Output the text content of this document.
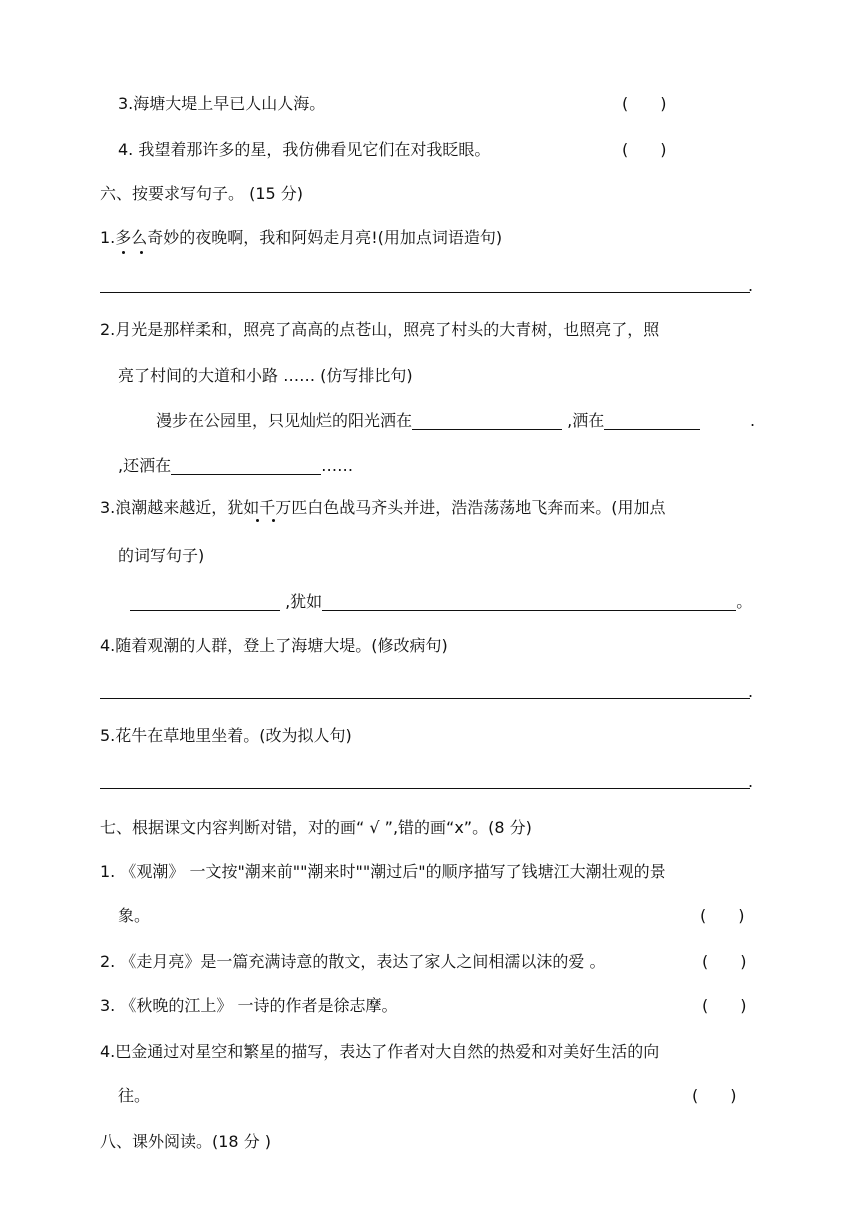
3.海塘大堤上早已人山人海。	(　　)
4. 我望着那许多的星，我仿佛看见它们在对我眨眼。	(　　)
六、按要求写句子。 (15 分)
1.多么奇妙的夜晚啊，我和阿妈走月亮!(用加点词语造句)
.
2.月光是那样柔和，照亮了高高的点苍山，照亮了村头的大青树，也照亮了，照
亮了村间的大道和小路 …… (仿写排比句)
漫步在公园里，只见灿烂的阳光洒在	,洒在	.
,还洒在	……
3.浪潮越来越近，犹如千万匹白色战马齐头并进，浩浩荡荡地飞奔而来。(用加点
的词写句子)
,犹如	。
4.随着观潮的人群，登上了海塘大堤。(修改病句)
.
5.花牛在草地里坐着。(改为拟人句)
.
七、根据课文内容判断对错，对的画“ √ ”,错的画“x”。(8 分)
1. 《观潮》 一文按"潮来前""潮来时""潮过后"的顺序描写了钱塘江大潮壮观的景
象。	(　　)
2. 《走月亮》是一篇充满诗意的散文，表达了家人之间相濡以沫的爱 。	(　　)
3. 《秋晚的江上》 一诗的作者是徐志摩。	(　　)
4.巴金通过对星空和繁星的描写，表达了作者对大自然的热爱和对美好生活的向
往。	(　　)
八、课外阅读。(18 分 )
